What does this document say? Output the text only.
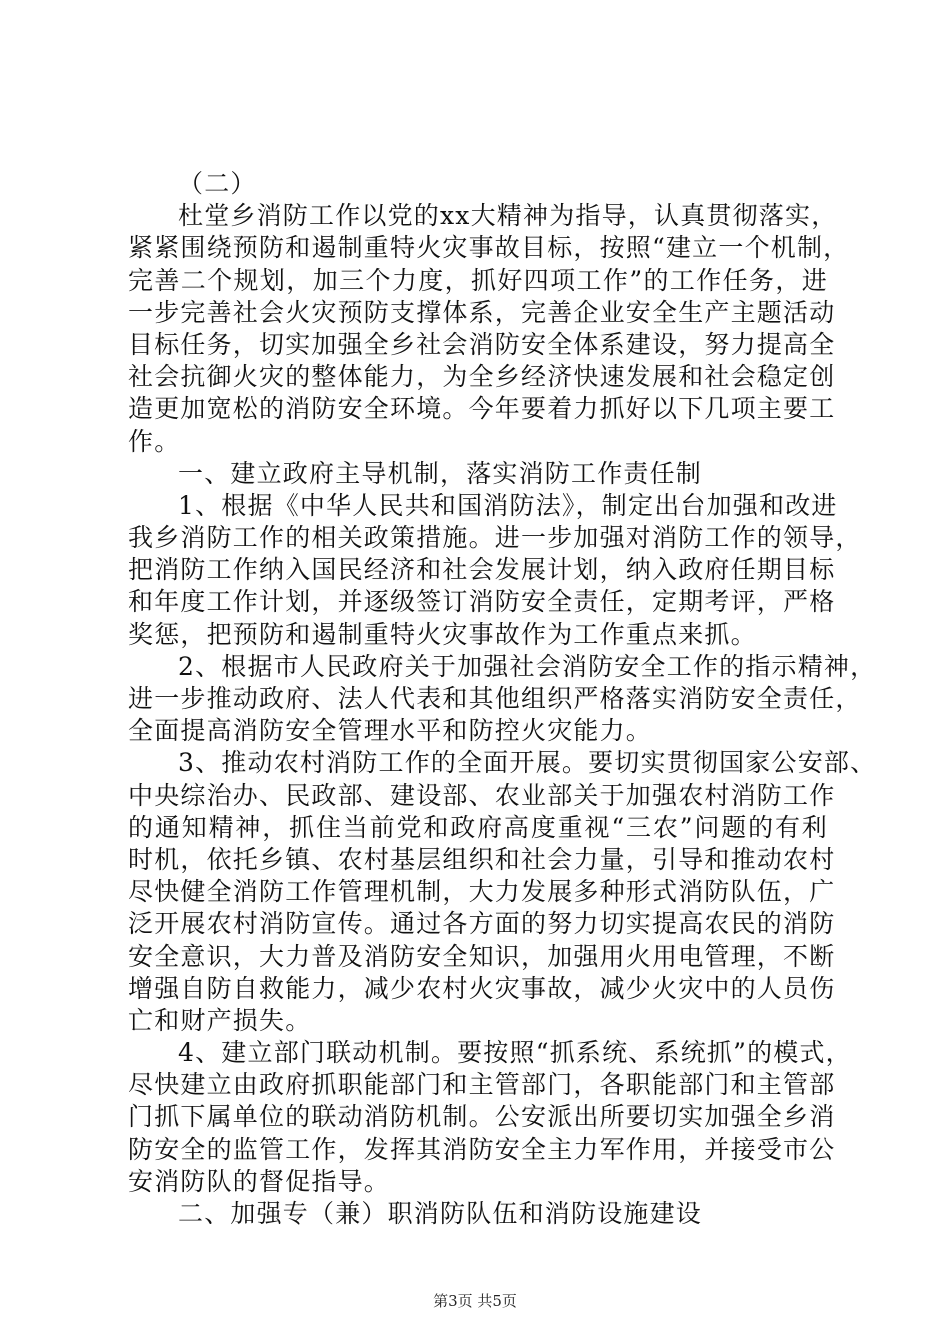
（二）
杜堂乡消防工作以党的xx大精神为指导，认真贯彻落实，
紧紧围绕预防和遏制重特火灾事故目标，按照“建立一个机制，
完善二个规划，加三个力度，抓好四项工作”的工作任务，进
一步完善社会火灾预防支撑体系，完善企业安全生产主题活动
目标任务，切实加强全乡社会消防安全体系建设，努力提高全
社会抗御火灾的整体能力，为全乡经济快速发展和社会稳定创
造更加宽松的消防安全环境。今年要着力抓好以下几项主要工
作。
一、建立政府主导机制，落实消防工作责任制
1、根据《中华人民共和国消防法》，制定出台加强和改进
我乡消防工作的相关政策措施。进一步加强对消防工作的领导，
把消防工作纳入国民经济和社会发展计划，纳入政府任期目标
和年度工作计划，并逐级签订消防安全责任，定期考评，严格
奖惩，把预防和遏制重特火灾事故作为工作重点来抓。
2、根据市人民政府关于加强社会消防安全工作的指示精神，
进一步推动政府、法人代表和其他组织严格落实消防安全责任，
全面提高消防安全管理水平和防控火灾能力。
3、推动农村消防工作的全面开展。要切实贯彻国家公安部、
中央综治办、民政部、建设部、农业部关于加强农村消防工作
的通知精神，抓住当前党和政府高度重视“三农”问题的有利
时机，依托乡镇、农村基层组织和社会力量，引导和推动农村
尽快健全消防工作管理机制，大力发展多种形式消防队伍，广
泛开展农村消防宣传。通过各方面的努力切实提高农民的消防
安全意识，大力普及消防安全知识，加强用火用电管理，不断
增强自防自救能力，减少农村火灾事故，减少火灾中的人员伤
亡和财产损失。
4、建立部门联动机制。要按照“抓系统、系统抓”的模式，
尽快建立由政府抓职能部门和主管部门，各职能部门和主管部
门抓下属单位的联动消防机制。公安派出所要切实加强全乡消
防安全的监管工作，发挥其消防安全主力军作用，并接受市公
安消防队的督促指导。
二、加强专（兼）职消防队伍和消防设施建设
第3页 共5页
